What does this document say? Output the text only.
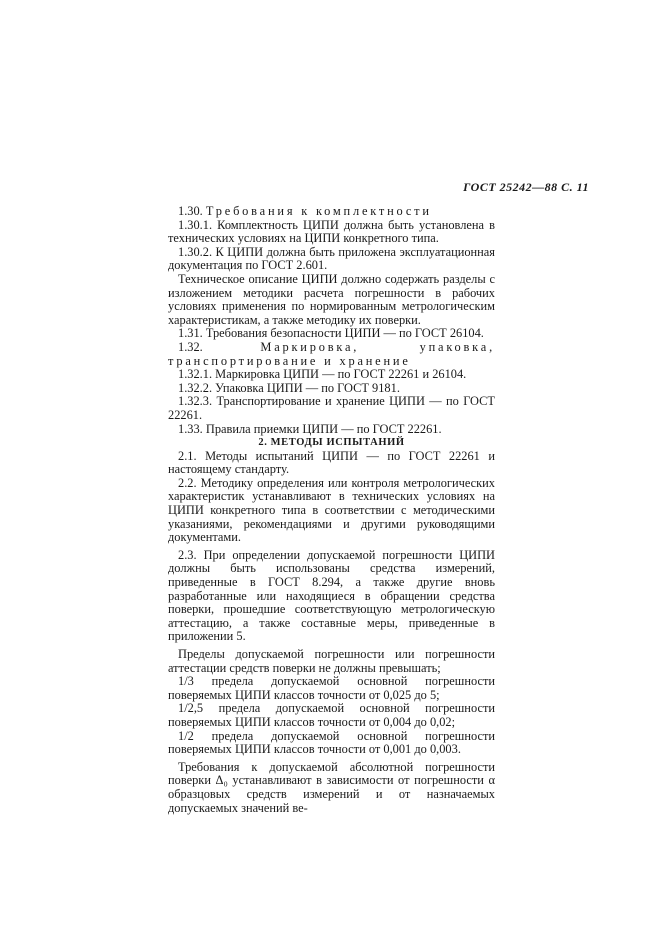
ГОСТ 25242—88 С. 11

1.30. Требования к комплектности

1.30.1. Комплектность ЦИПИ должна быть установлена в технических условиях на ЦИПИ конкретного типа.

1.30.2. К ЦИПИ должна быть приложена эксплуатационная документация по ГОСТ 2.601.

Техническое описание ЦИПИ должно содержать разделы с изложением методики расчета погрешности в рабочих условиях применения по нормированным метрологическим характеристикам, а также методику их поверки.

1.31. Требования безопасности ЦИПИ — по ГОСТ 26104.

1.32.	Маркировка, упаковка, транспортирование и хранение

1.32.1. Маркировка ЦИПИ — по ГОСТ 22261 и 26104.

1.32.2. Упаковка ЦИПИ — по ГОСТ 9181.

1.32.3. Транспортирование и хранение ЦИПИ — по ГОСТ 22261.

1.33. Правила приемки ЦИПИ — по ГОСТ 22261.

2. МЕТОДЫ ИСПЫТАНИЙ

2.1. Методы испытаний ЦИПИ — по ГОСТ 22261 и настоящему стандарту.

2.2. Методику определения или контроля метрологических характеристик устанавливают в технических условиях на ЦИПИ конкретного типа в соответствии с методическими указаниями, рекомендациями и другими руководящими документами.

2.3. При определении допускаемой погрешности ЦИПИ должны быть использованы средства измерений, приведенные в ГОСТ 8.294, а также другие вновь разработанные или находящиеся в обращении средства поверки, прошедшие соответствующую метрологическую аттестацию, а также составные меры, приведенные в приложении 5.

Пределы допускаемой погрешности или погрешности аттестации средств поверки не должны превышать;

1/3 предела допускаемой основной погрешности поверяемых ЦИПИ классов точности от 0,025 до 5;

1/2,5 предела допускаемой основной погрешности поверяемых ЦИПИ классов точности от 0,004 до 0,02;

1/2 предела допускаемой основной погрешности поверяемых ЦИПИ классов точности от 0,001 до 0,003.

Требования к допускаемой абсолютной погрешности поверки Δ₀ устанавливают в зависимости от погрешности α образцовых средств измерений и от назначаемых допускаемых значений ве-
